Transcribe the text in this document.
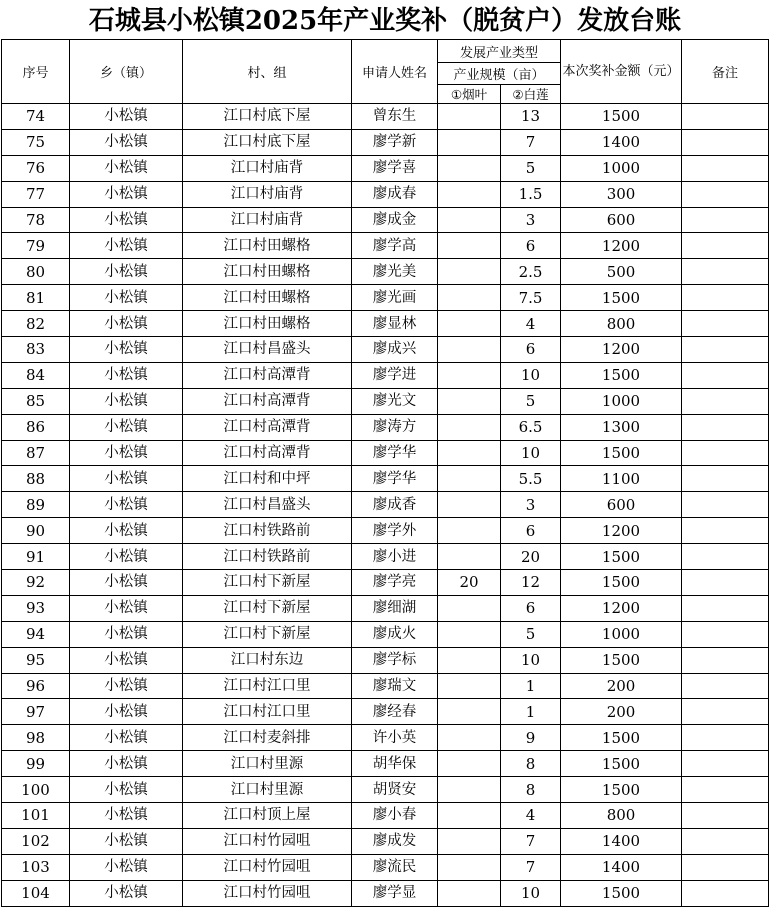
石城县小松镇2025年产业奖补（脱贫户）发放台账
序号	乡（镇）	村、组	申请人姓名	发展产业类型		本次奖补金额（元）	备注
				产业规模（亩）			
				①烟叶	②白莲		
74	小松镇	江口村底下屋	曾东生		13	1500	
75	小松镇	江口村底下屋	廖学新		7	1400	
76	小松镇	江口村庙背	廖学喜		5	1000	
77	小松镇	江口村庙背	廖成春		1.5	300	
78	小松镇	江口村庙背	廖成金		3	600	
79	小松镇	江口村田螺格	廖学高		6	1200	
80	小松镇	江口村田螺格	廖光美		2.5	500	
81	小松镇	江口村田螺格	廖光画		7.5	1500	
82	小松镇	江口村田螺格	廖显林		4	800	
83	小松镇	江口村昌盛头	廖成兴		6	1200	
84	小松镇	江口村高潭背	廖学进		10	1500	
85	小松镇	江口村高潭背	廖光文		5	1000	
86	小松镇	江口村高潭背	廖涛方		6.5	1300	
87	小松镇	江口村高潭背	廖学华		10	1500	
88	小松镇	江口村和中坪	廖学华		5.5	1100	
89	小松镇	江口村昌盛头	廖成香		3	600	
90	小松镇	江口村铁路前	廖学外		6	1200	
91	小松镇	江口村铁路前	廖小进		20	1500	
92	小松镇	江口村下新屋	廖学亮	20	12	1500	
93	小松镇	江口村下新屋	廖细湖		6	1200	
94	小松镇	江口村下新屋	廖成火		5	1000	
95	小松镇	江口村东边	廖学标		10	1500	
96	小松镇	江口村江口里	廖瑞文		1	200	
97	小松镇	江口村江口里	廖经春		1	200	
98	小松镇	江口村麦斜排	许小英		9	1500	
99	小松镇	江口村里源	胡华保		8	1500	
100	小松镇	江口村里源	胡贤安		8	1500	
101	小松镇	江口村顶上屋	廖小春		4	800	
102	小松镇	江口村竹园咀	廖成发		7	1400	
103	小松镇	江口村竹园咀	廖流民		7	1400	
104	小松镇	江口村竹园咀	廖学显		10	1500	
